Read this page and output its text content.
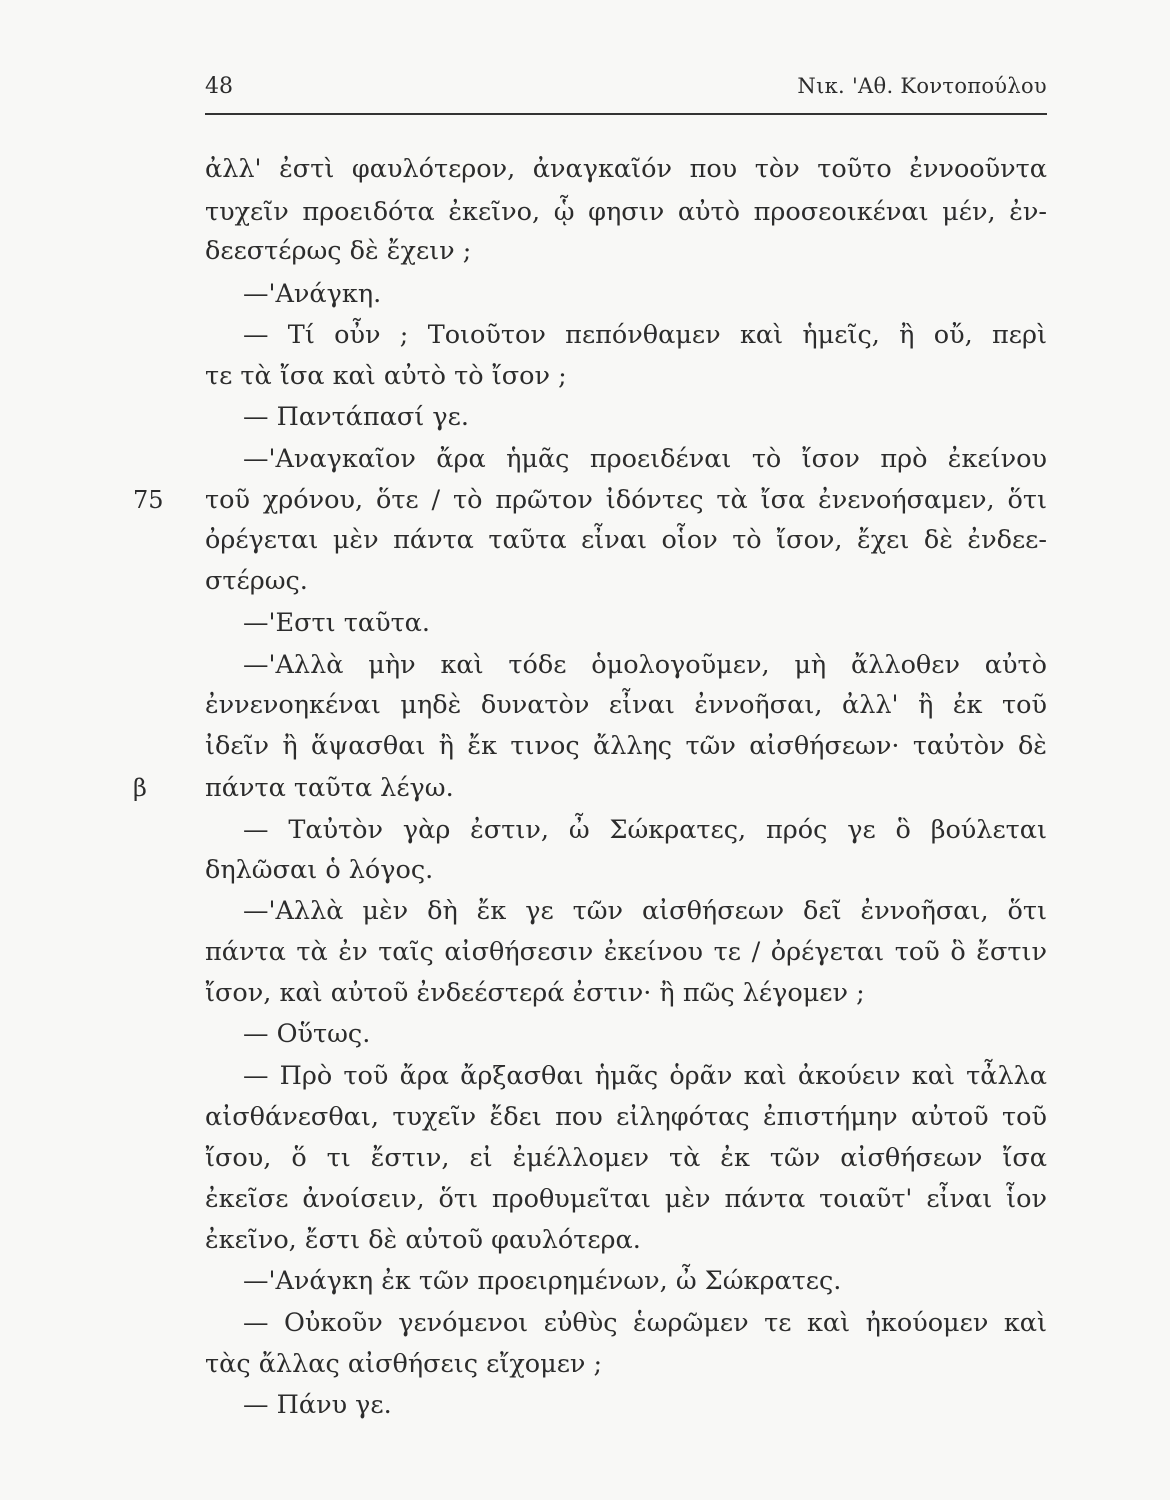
48	Νικ. 'Αθ. Κοντοπούλου
75
β
ἀλλ' ἐστὶ φαυλότερον, ἀναγκαῖόν που τὸν τοῦτο ἐννοοῦντα
τυχεῖν προειδότα ἐκεῖνο, ᾧ φησιν αὐτὸ προσεοικέναι μέν, ἐν-
δεεστέρως δὲ ἔχειν ;
—'Ανάγκη.
— Τί οὖν ; Τοιοῦτον πεπόνθαμεν καὶ ἡμεῖς, ἢ οὔ, περὶ
τε τὰ ἴσα καὶ αὐτὸ τὸ ἴσον ;
— Παντάπασί γε.
—'Αναγκαῖον ἄρα ἡμᾶς προειδέναι τὸ ἴσον πρὸ ἐκείνου
τοῦ χρόνου, ὅτε / τὸ πρῶτον ἰδόντες τὰ ἴσα ἐνενοήσαμεν, ὅτι
ὀρέγεται μὲν πάντα ταῦτα εἶναι οἷον τὸ ἴσον, ἔχει δὲ ἐνδεε-
στέρως.
—'Εστι ταῦτα.
—'Αλλὰ μὴν καὶ τόδε ὁμολογοῦμεν, μὴ ἄλλοθεν αὐτὸ
ἐννενοηκέναι μηδὲ δυνατὸν εἶναι ἐννοῆσαι, ἀλλ' ἢ ἐκ τοῦ
ἰδεῖν ἢ ἅψασθαι ἢ ἔκ τινος ἄλλης τῶν αἰσθήσεων· ταὐτὸν δὲ
πάντα ταῦτα λέγω.
— Ταὐτὸν γὰρ ἐστιν, ὦ Σώκρατες, πρός γε ὃ βούλεται
δηλῶσαι ὁ λόγος.
—'Αλλὰ μὲν δὴ ἔκ γε τῶν αἰσθήσεων δεῖ ἐννοῆσαι, ὅτι
πάντα τὰ ἐν ταῖς αἰσθήσεσιν ἐκείνου τε / ὀρέγεται τοῦ ὃ ἔστιν
ἴσον, καὶ αὐτοῦ ἐνδεέστερά ἐστιν· ἢ πῶς λέγομεν ;
— Οὕτως.
— Πρὸ τοῦ ἄρα ἄρξασθαι ἡμᾶς ὁρᾶν καὶ ἀκούειν καὶ τἆλλα
αἰσθάνεσθαι, τυχεῖν ἔδει που εἰληφότας ἐπιστήμην αὐτοῦ τοῦ
ἴσου, ὅ τι ἔστιν, εἰ ἐμέλλομεν τὰ ἐκ τῶν αἰσθήσεων ἴσα
ἐκεῖσε ἀνοίσειν, ὅτι προθυμεῖται μὲν πάντα τοιαῦτ' εἶναι ἷον
ἐκεῖνο, ἔστι δὲ αὐτοῦ φαυλότερα.
—'Ανάγκη ἐκ τῶν προειρημένων, ὦ Σώκρατες.
— Οὐκοῦν γενόμενοι εὐθὺς ἑωρῶμεν τε καὶ ἠκούομεν καὶ
τὰς ἄλλας αἰσθήσεις εἴχομεν ;
— Πάνυ γε.
